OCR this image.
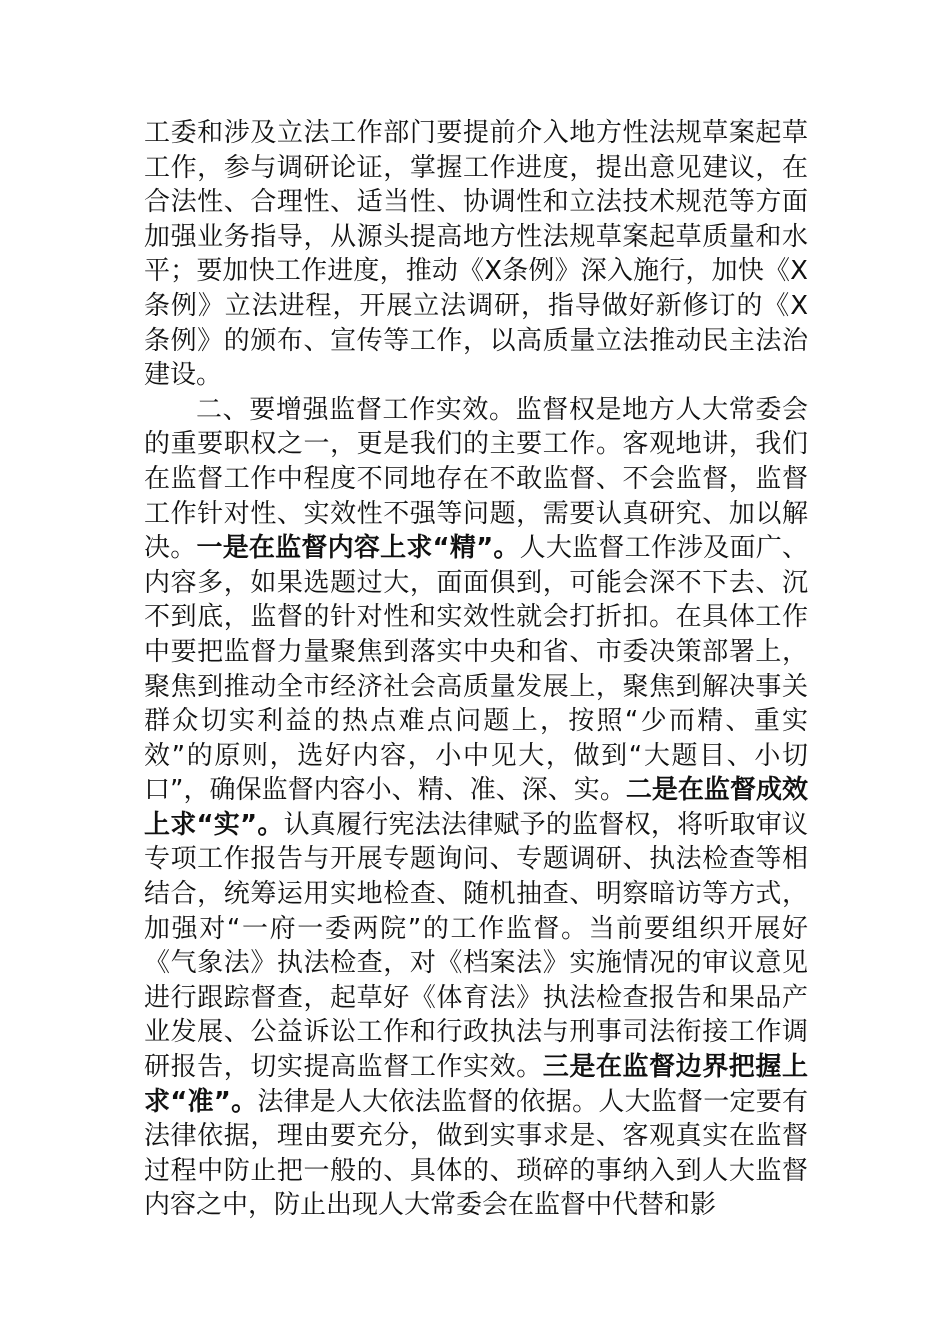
工委和涉及立法工作部门要提前介入地方性法规草案起草工作，参与调研论证，掌握工作进度，提出意见建议，在合法性、合理性、适当性、协调性和立法技术规范等方面加强业务指导，从源头提高地方性法规草案起草质量和水平；要加快工作进度，推动《X条例》深入施行，加快《X条例》立法进程，开展立法调研，指导做好新修订的《X条例》的颁布、宣传等工作，以高质量立法推动民主法治建设。

二、要增强监督工作实效。监督权是地方人大常委会的重要职权之一，更是我们的主要工作。客观地讲，我们在监督工作中程度不同地存在不敢监督、不会监督，监督工作针对性、实效性不强等问题，需要认真研究、加以解决。一是在监督内容上求“精”。人大监督工作涉及面广、内容多，如果选题过大，面面俱到，可能会深不下去、沉不到底，监督的针对性和实效性就会打折扣。在具体工作中要把监督力量聚焦到落实中央和省、市委决策部署上，聚焦到推动全市经济社会高质量发展上，聚焦到解决事关群众切实利益的热点难点问题上，按照“少而精、重实效”的原则，选好内容，小中见大，做到“大题目、小切口”，确保监督内容小、精、准、深、实。二是在监督成效上求“实”。认真履行宪法法律赋予的监督权，将听取审议专项工作报告与开展专题询问、专题调研、执法检查等相结合，统筹运用实地检查、随机抽查、明察暗访等方式，加强对“一府一委两院”的工作监督。当前要组织开展好《气象法》执法检查，对《档案法》实施情况的审议意见进行跟踪督查，起草好《体育法》执法检查报告和果品产业发展、公益诉讼工作和行政执法与刑事司法衔接工作调研报告，切实提高监督工作实效。三是在监督边界把握上求“准”。法律是人大依法监督的依据。人大监督一定要有法律依据，理由要充分，做到实事求是、客观真实在监督过程中防止把一般的、具体的、琐碎的事纳入到人大监督内容之中，防止出现人大常委会在监督中代替和影
